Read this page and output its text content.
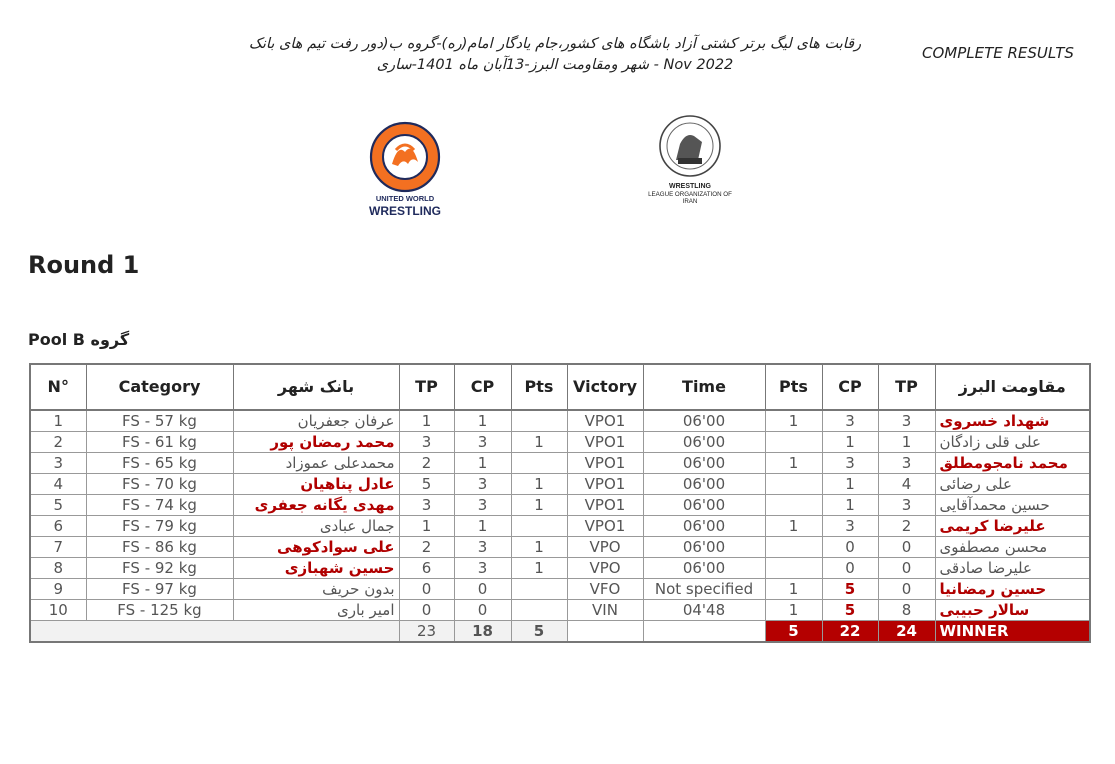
رقابت های لیگ برتر کشتی آزاد باشگاه های کشور،جام یادگار امام(ره)-گروه ب(دور رفت تیم های بانک
Nov 2022 - شهر ومقاومت البرز-13آبان ماه 1401-ساری
COMPLETE RESULTS
UNITED WORLD
WRESTLING
WRESTLING
LEAGUE ORGANIZATION OF
IRAN
Round 1
Pool B گروه
N°	Category	بانک شهر	TP	CP	Pts	Victory	Time	Pts	CP	TP	مقاومت البرز
1	FS - 57 kg	عرفان جعفریان	1	1		VPO1	06'00	1	3	3	شهداد خسروی
2	FS - 61 kg	محمد رمضان پور	3	3	1	VPO1	06'00		1	1	علی قلی زادگان
3	FS - 65 kg	محمدعلی عموزاد	2	1		VPO1	06'00	1	3	3	محمد نامجومطلق
4	FS - 70 kg	عادل پناهیان	5	3	1	VPO1	06'00		1	4	علی رضائی
5	FS - 74 kg	مهدی یگانه جعفری	3	3	1	VPO1	06'00		1	3	حسین محمدآقایی
6	FS - 79 kg	جمال عبادی	1	1		VPO1	06'00	1	3	2	علیرضا کریمی
7	FS - 86 kg	علی سوادکوهی	2	3	1	VPO	06'00		0	0	محسن مصطفوی
8	FS - 92 kg	حسین شهبازی	6	3	1	VPO	06'00		0	0	علیرضا صادقی
9	FS - 97 kg	بدون حریف	0	0		VFO	Not specified	1	5	0	حسین رمضانیا
10	FS - 125 kg	امیر باری	0	0		VIN	04'48	1	5	8	سالار حبیبی
			23	18	5			5	22	24	WINNER
